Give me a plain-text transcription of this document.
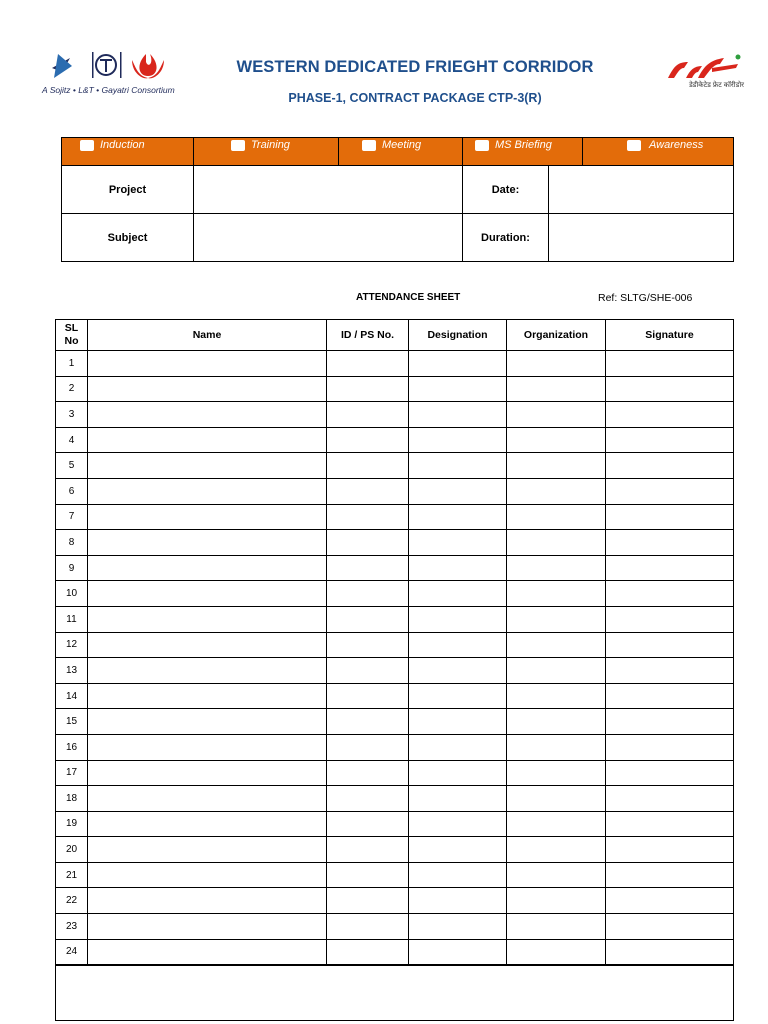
A Sojitz • L&T • Gayatri Consortium
WESTERN DEDICATED FRIEGHT CORRIDOR
PHASE-1, CONTRACT PACKAGE CTP-3(R)
डेडीकेटेड फ्रेट कॉरीडोर
Induction	Training	Meeting	MS Briefing		Awareness

Project			Date:		
Subject			Duration:		
ATTENDANCE SHEET	Ref: SLTG/SHE-006
SL No	Name	ID / PS No.	Designation	Organization	Signature
1					
2					
3					
4					
5					
6					
7					
8					
9					
10					
11					
12					
13					
14					
15					
16					
17					
18					
19					
20					
21					
22					
23					
24					
